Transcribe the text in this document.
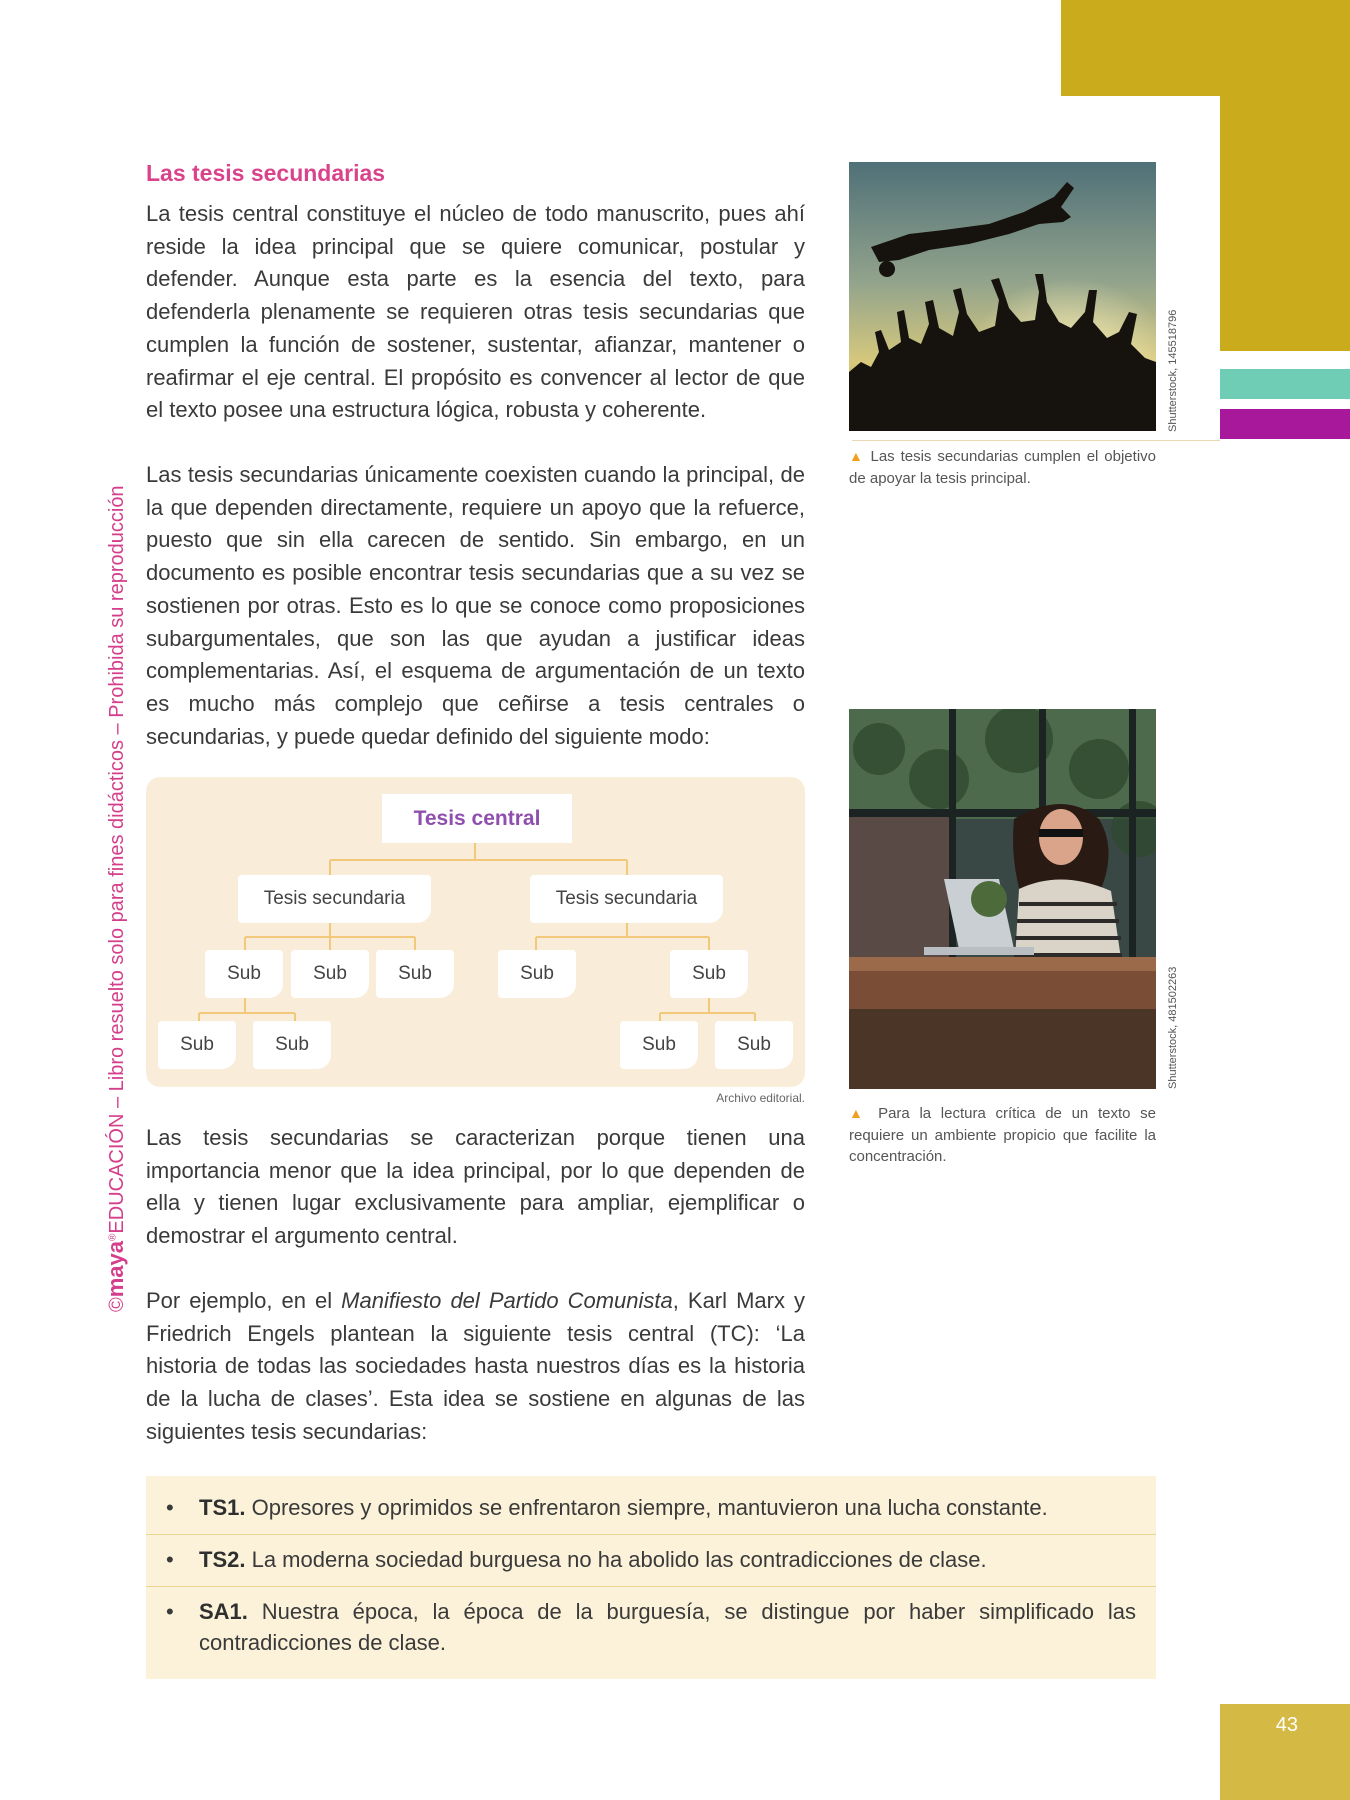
©maya®EDUCACIÓN – Libro resuelto solo para fines didácticos – Prohibida su reproducción
Las tesis secundarias
La tesis central constituye el núcleo de todo manuscrito, pues ahí reside la idea principal que se quiere comunicar, postular y defender. Aunque esta parte es la esencia del texto, para defenderla plenamente se requieren otras tesis secundarias que cumplen la función de sostener, sustentar, afianzar, mantener o reafirmar el eje central. El propósito es convencer al lector de que el texto posee una estructura lógica, robusta y coherente.
Las tesis secundarias únicamente coexisten cuando la principal, de la que dependen directamente, requiere un apoyo que la refuerce, puesto que sin ella carecen de sentido. Sin embargo, en un documento es posible encontrar tesis secundarias que a su vez se sostienen por otras. Esto es lo que se conoce como proposiciones subargumentales, que son las que ayudan a justificar ideas complementarias. Así, el esquema de argumentación de un texto es mucho más complejo que ceñirse a tesis centrales o secundarias, y puede quedar definido del siguiente modo:
Tesis central
Tesis secundaria	Tesis secundaria
Sub	Sub	Sub	Sub	Sub
Sub	Sub	Sub	Sub
Archivo editorial.
Las tesis secundarias se caracterizan porque tienen una importancia menor que la idea principal, por lo que dependen de ella y tienen lugar exclusivamente para ampliar, ejemplificar o demostrar el argumento central.
Por ejemplo, en el Manifiesto del Partido Comunista, Karl Marx y Friedrich Engels plantean la siguiente tesis central (TC): ‘La historia de todas las sociedades hasta nuestros días es la historia de la lucha de clases’. Esta idea se sostiene en algunas de las siguientes tesis secundarias:
Shutterstock, 145518796
▲ Las tesis secundarias cumplen el objetivo de apoyar la tesis principal.
Shutterstock, 481502263
▲ Para la lectura crítica de un texto se requiere un ambiente propicio que facilite la concentración.
• TS1. Opresores y oprimidos se enfrentaron siempre, mantuvieron una lucha constante.
• TS2. La moderna sociedad burguesa no ha abolido las contradicciones de clase.
• SA1. Nuestra época, la época de la burguesía, se distingue por haber simplificado las contradicciones de clase.
43
